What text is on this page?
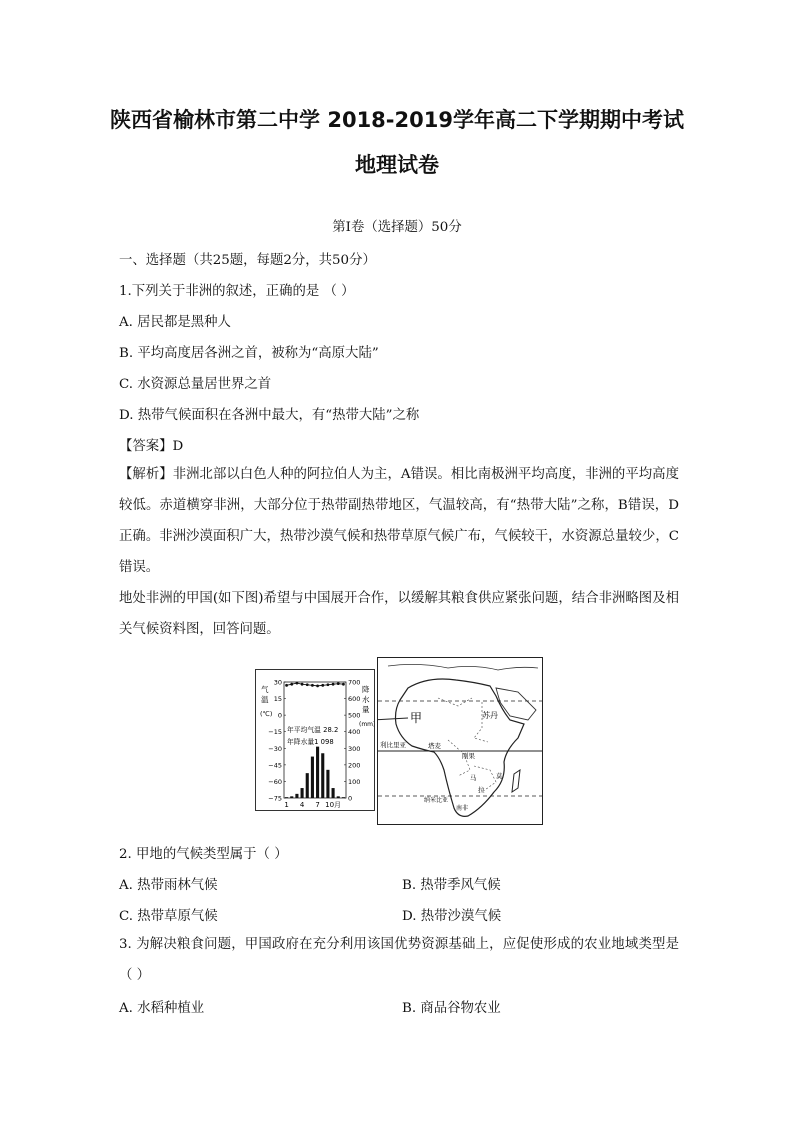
陕西省榆林市第二中学 2018-2019学年高二下学期期中考试
地理试卷
第Ⅰ卷（选择题）50分
一、选择题（共25题，每题2分，共50分）
1.下列关于非洲的叙述，正确的是 （ ）
A. 居民都是黑种人
B. 平均高度居各洲之首，被称为“高原大陆”
C. 水资源总量居世界之首
D. 热带气候面积在各洲中最大，有“热带大陆”之称
【答案】D
【解析】非洲北部以白色人种的阿拉伯人为主，A错误。相比南极洲平均高度，非洲的平均高度较低。赤道横穿非洲，大部分位于热带副热带地区，气温较高，有“热带大陆”之称，B错误，D正确。非洲沙漠面积广大，热带沙漠气候和热带草原气候广布，气候较干，水资源总量较少，C错误。
地处非洲的甲国(如下图)希望与中国展开合作，以缓解其粮食供应紧张问题，结合非洲略图及相关气候资料图，回答问题。
30
15
0
−15
−30
−45
−60
−75
700
600
500
400
300
200
100
0
气
温
(℃)
降
水
量
(mm)
年平均气温 28.2
年降水量1 098
1 4 7 10月
甲	苏丹
利比里亚	塔麦
刚果
马	莫
拉
纳米比亚
南非
2. 甲地的气候类型属于（ ）
A. 热带雨林气候	B. 热带季风气候
C. 热带草原气候	D. 热带沙漠气候
3. 为解决粮食问题，甲国政府在充分利用该国优势资源基础上，应促使形成的农业地域类型是（ ）
A. 水稻种植业	B. 商品谷物农业
